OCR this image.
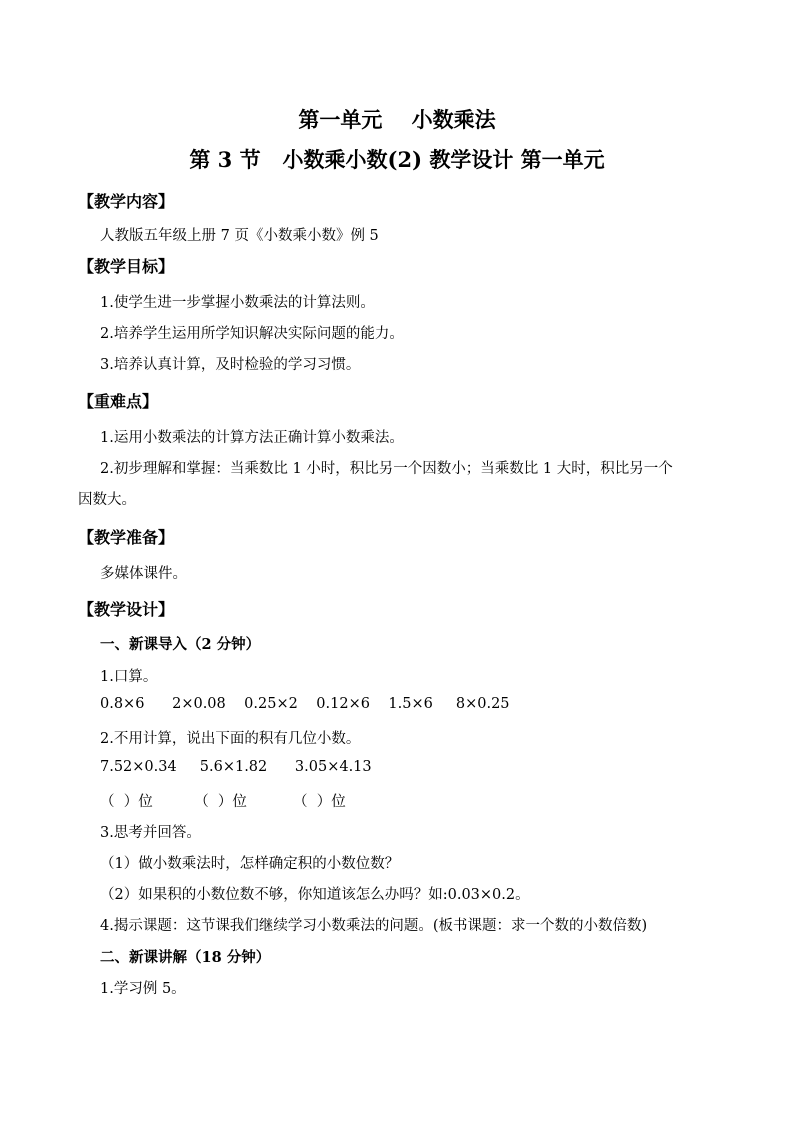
第一单元    小数乘法
第 3 节   小数乘小数(2) 教学设计 第一单元
【教学内容】
人教版五年级上册 7 页《小数乘小数》例 5
【教学目标】
1.使学生进一步掌握小数乘法的计算法则。
2.培养学生运用所学知识解决实际问题的能力。
3.培养认真计算，及时检验的学习习惯。
【重难点】
1.运用小数乘法的计算方法正确计算小数乘法。
2.初步理解和掌握：当乘数比 1 小时，积比另一个因数小；当乘数比 1 大时，积比另一个
因数大。
【教学准备】
多媒体课件。
【教学设计】
一、新课导入（2 分钟）
1.口算。
0.8×6      2×0.08    0.25×2    0.12×6    1.5×6     8×0.25
2.不用计算，说出下面的积有几位小数。
7.52×0.34     5.6×1.82      3.05×4.13
（  ）位         （  ）位          （  ）位
3.思考并回答。
（1）做小数乘法时，怎样确定积的小数位数？
（2）如果积的小数位数不够，你知道该怎么办吗？如:0.03×0.2。
4.揭示课题：这节课我们继续学习小数乘法的问题。(板书课题：求一个数的小数倍数)
二、新课讲解（18 分钟）
1.学习例 5。
